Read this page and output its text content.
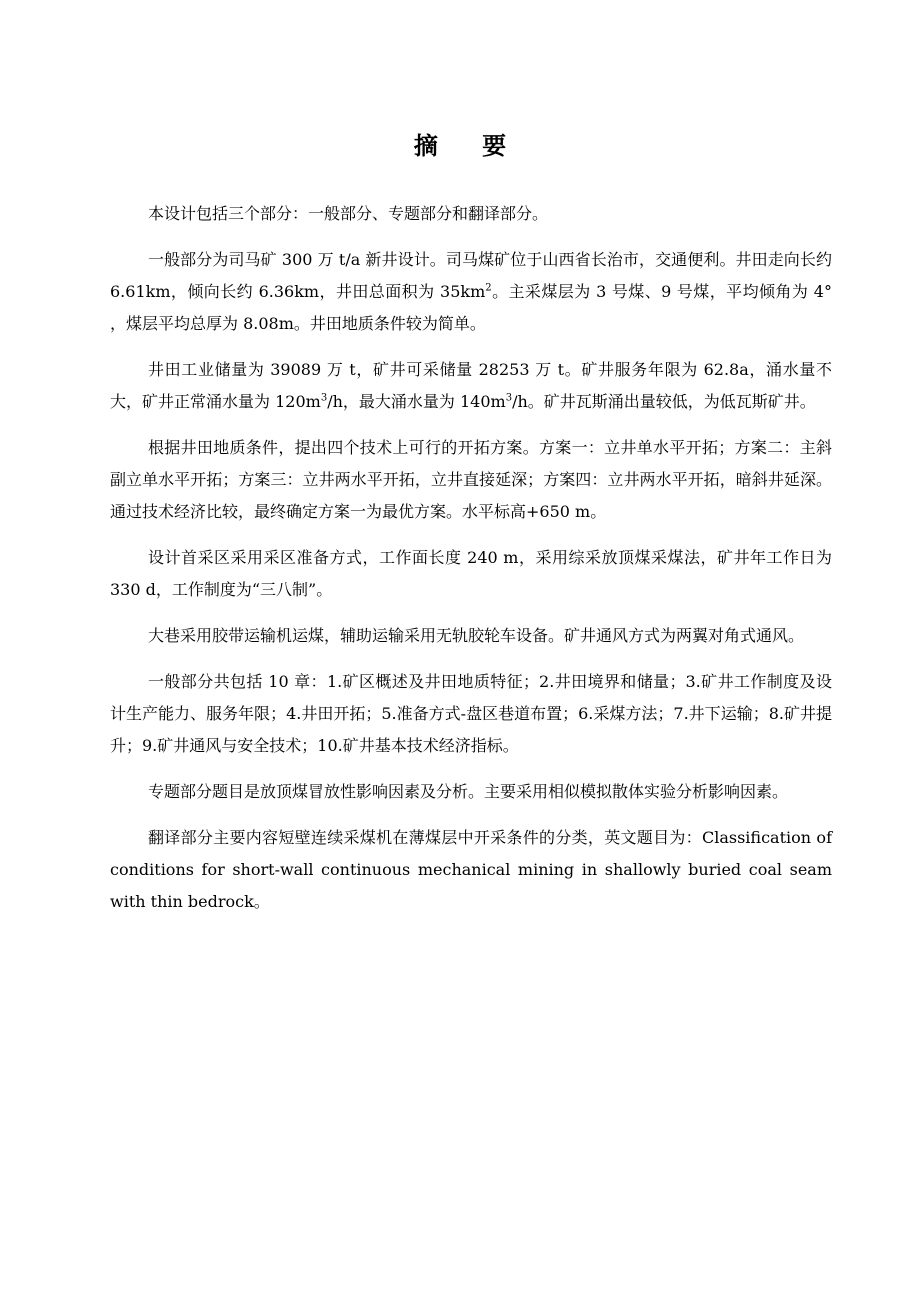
摘 要

本设计包括三个部分：一般部分、专题部分和翻译部分。

一般部分为司马矿 300 万 t/a 新井设计。司马煤矿位于山西省长治市，交通便利。井田走向长约 6.61km，倾向长约 6.36km，井田总面积为 $35km^2$。主采煤层为 3 号煤、9 号煤，平均倾角为 4° ，煤层平均总厚为 8.08m。井田地质条件较为简单。

井田工业储量为 39089 万 t，矿井可采储量 28253 万 t。矿井服务年限为 62.8a，涌水量不大，矿井正常涌水量为 $120m^3/h$，最大涌水量为 $140m^3/h$。矿井瓦斯涌出量较低，为低瓦斯矿井。

根据井田地质条件，提出四个技术上可行的开拓方案。方案一：立井单水平开拓；方案二：主斜副立单水平开拓；方案三：立井两水平开拓，立井直接延深；方案四：立井两水平开拓，暗斜井延深。通过技术经济比较，最终确定方案一为最优方案。水平标高+650 m。

设计首采区采用采区准备方式，工作面长度 240 m，采用综采放顶煤采煤法，矿井年工作日为 330 d，工作制度为“三八制”。

大巷采用胶带运输机运煤，辅助运输采用无轨胶轮车设备。矿井通风方式为两翼对角式通风。

一般部分共包括 10 章：1.矿区概述及井田地质特征；2.井田境界和储量；3.矿井工作制度及设计生产能力、服务年限；4.井田开拓；5.准备方式-盘区巷道布置；6.采煤方法；7.井下运输；8.矿井提升；9.矿井通风与安全技术；10.矿井基本技术经济指标。

专题部分题目是放顶煤冒放性影响因素及分析。主要采用相似模拟散体实验分析影响因素。

翻译部分主要内容短壁连续采煤机在薄煤层中开采条件的分类，英文题目为：Classification of conditions for short-wall continuous mechanical mining in shallowly buried coal seam with thin bedrock。
